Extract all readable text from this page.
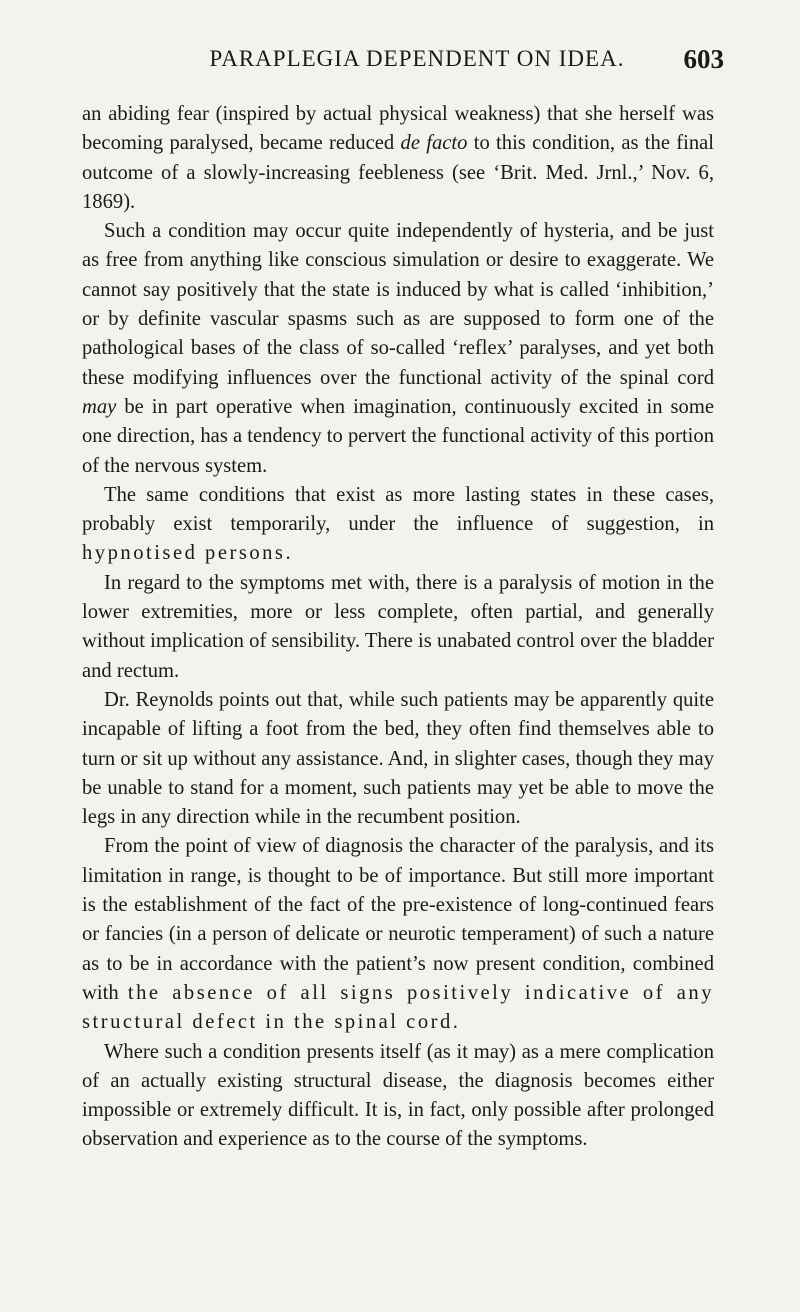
PARAPLEGIA DEPENDENT ON IDEA.	603

an abiding fear (inspired by actual physical weakness) that she herself was becoming paralysed, became reduced de facto to this condition, as the final outcome of a slowly-increasing feebleness (see ‘Brit. Med. Jrnl.,’ Nov. 6, 1869).

Such a condition may occur quite independently of hysteria, and be just as free from anything like conscious simulation or desire to exaggerate. We cannot say positively that the state is induced by what is called ‘inhibition,’ or by definite vascular spasms such as are supposed to form one of the pathological bases of the class of so-called ‘reflex’ paralyses, and yet both these modifying influences over the functional activity of the spinal cord may be in part operative when imagination, continuously excited in some one direction, has a tendency to pervert the functional activity of this portion of the nervous system.

The same conditions that exist as more lasting states in these cases, probably exist temporarily, under the influence of suggestion, in hypnotised persons.

In regard to the symptoms met with, there is a paralysis of motion in the lower extremities, more or less complete, often partial, and generally without implication of sensibility. There is unabated control over the bladder and rectum.

Dr. Reynolds points out that, while such patients may be apparently quite incapable of lifting a foot from the bed, they often find themselves able to turn or sit up without any assistance. And, in slighter cases, though they may be unable to stand for a moment, such patients may yet be able to move the legs in any direction while in the recumbent position.

From the point of view of diagnosis the character of the paralysis, and its limitation in range, is thought to be of importance. But still more important is the establishment of the fact of the pre-existence of long-continued fears or fancies (in a person of delicate or neurotic temperament) of such a nature as to be in accordance with the patient’s now present condition, combined with the absence of all signs positively indicative of any structural defect in the spinal cord.

Where such a condition presents itself (as it may) as a mere complication of an actually existing structural disease, the diagnosis becomes either impossible or extremely difficult. It is, in fact, only possible after prolonged observation and experience as to the course of the symptoms.
